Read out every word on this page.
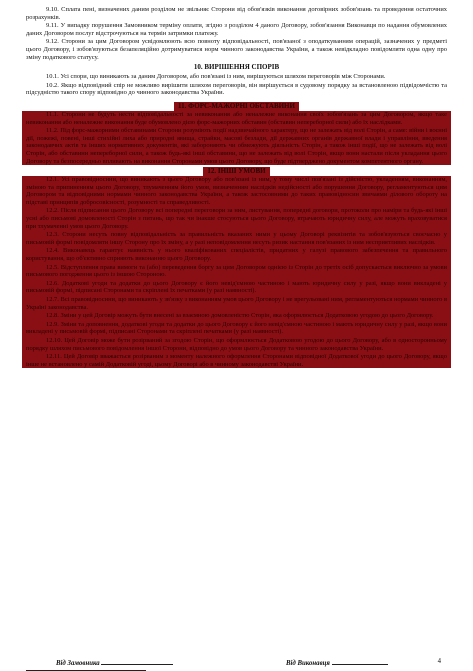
9.10. Сплата пені, визначених даним розділом не звільняє Сторони від обов'язків виконання договірних зобов'язань та проведення остаточних розрахунків.

9.11. У випадку порушення Замовником терміну оплати, згідно з розділом 4 даного Договору, зобов'язання Виконавця по надання обумовлених даних Договором послуг відстрочуються на термін затримки платежу.

9.12. Сторони за цим Договором усвідомлюють всю повноту відповідальності, пов'язаної з оподаткуванням операцій, зазначених у предметі цього Договору, і зобов'язуються безапеляційно дотримуватися норм чинного законодавства України, а також невідкладно повідомляти одна одну про зміну податкового статусу.

10. ВИРІШЕННЯ СПОРІВ

10.1. Усі спори, що виникають за даним Договором, або пов'язані із ним, вирішуються шляхом переговорів між Сторонами.

10.2. Якщо відповідний спір не можливо вирішити шляхом переговорів, він вирішується в судовому порядку за встановленою підвідомчістю та підсудністю такого спору відповідно до чинного законодавства України.

11. ФОРС-МАЖОРНІ ОБСТАВИНИ

11.1. Сторони не будуть нести відповідальності за невиконання або неналежне виконання своїх зобов'язань за цим Договором, якщо таке невиконання або неналежне виконання буде обумовлено дією форс-мажорних обставин (обставин непереборної сили) або їх наслідками.

11.2. Під форс-мажорними обставинами Сторони розуміють події надзвичайного характеру, що не залежать від волі Сторін, а саме: війни і воєнні дії, пожежі, повені, інші стихійні лиха або природні явища, страйки, масові безлади, дії державних органів державної влади і управління, введення законодавчих актів та інших нормативних документів, які забороняють чи обмежують діяльність Сторін, а також інші події, що не залежать від волі Сторін, або обставини непереборної сили, а також будь-які інші обставини, що не залежать від волі Сторін, якщо вони настали після укладання цього Договору та безпосередньо впливають на виконання Сторонами умов цього Договору, що буде підтверджено документом компетентного органу.

12. ІНШІ УМОВИ

12.1. Усі правовідносини, що виникають з цього Договору або пов'язані із ним, у тому числі пов'язані із дійсністю, укладенням, виконанням, зміною та припиненням цього Договору, тлумаченням його умов, визначенням наслідків недійсності або порушення Договору, регламентуються цим Договором та відповідними нормами чинного законодавства України, а також застосовними до таких правовідносин звичаями ділового обороту на підставі принципів добросовісності, розумності та справедливості.

12.2. Після підписання цього Договору всі попередні переговори за ним, листування, попередні договори, протоколи про наміри та будь-які інші усні або письмові домовленості Сторін з питань, що так чи інакше стосуються цього Договору, втрачають юридичну силу, але можуть враховуватися при тлумаченні умов цього Договору.

12.3. Сторони несуть повну відповідальність за правильність вказаних ними у цьому Договорі реквізитів та зобов'язуються своєчасно у письмовій формі повідомляти іншу Сторону про їх зміну, а у разі неповідомлення несуть ризик настання пов'язаних із ним несприятливих наслідків.

12.4. Виконавець гарантує наявність у нього кваліфікованих спеціалістів, придатних у галузі правового забезпечення та правильного користування, що об'єктивно сприяють виконанню цього Договору.

12.5. Відступлення права вимоги та (або) переведення боргу за цим Договором однією із Сторін до третіх осіб допускається виключно за умови письмового погодження цього із іншою Стороною.

12.6. Додаткові угоди та додатки до цього Договору є його невід'ємною частиною і мають юридичну силу у разі, якщо вони викладені у письмовій формі, підписані Сторонами та скріплені їх печатками (у разі наявності).

12.7. Всі правовідносини, що виникають у зв'язку з виконанням умов цього Договору і не врегульовані ним, регламентуються нормами чинного в Україні законодавства.

12.8. Зміни у цей Договір можуть бути внесені за взаємною домовленістю Сторін, яка оформлюється Додатковою угодою до цього Договору.

12.9. Зміни та доповнення, додаткові угоди та додатки до цього Договору є його невід'ємною частиною і мають юридичну силу у разі, якщо вони викладені у письмовій формі, підписані Сторонами та скріплені печатками (у разі наявності).

12.10. Цей Договір може бути розірваний за згодою Сторін, що оформлюється Додатковою угодою до цього Договору, або в односторонньому порядку шляхом письмового повідомлення іншої Сторони, відповідно до умов цього Договору та чинного законодавства України.

12.11. Цей Договір вважається розірваним з моменту належного оформлення Сторонами відповідної Додаткової угоди до цього Договору, якщо інше не встановлено у самій Додатковій угоді, цьому Договорі або в чинному законодавстві України.

Від Замовника	Від Виконавця	4
